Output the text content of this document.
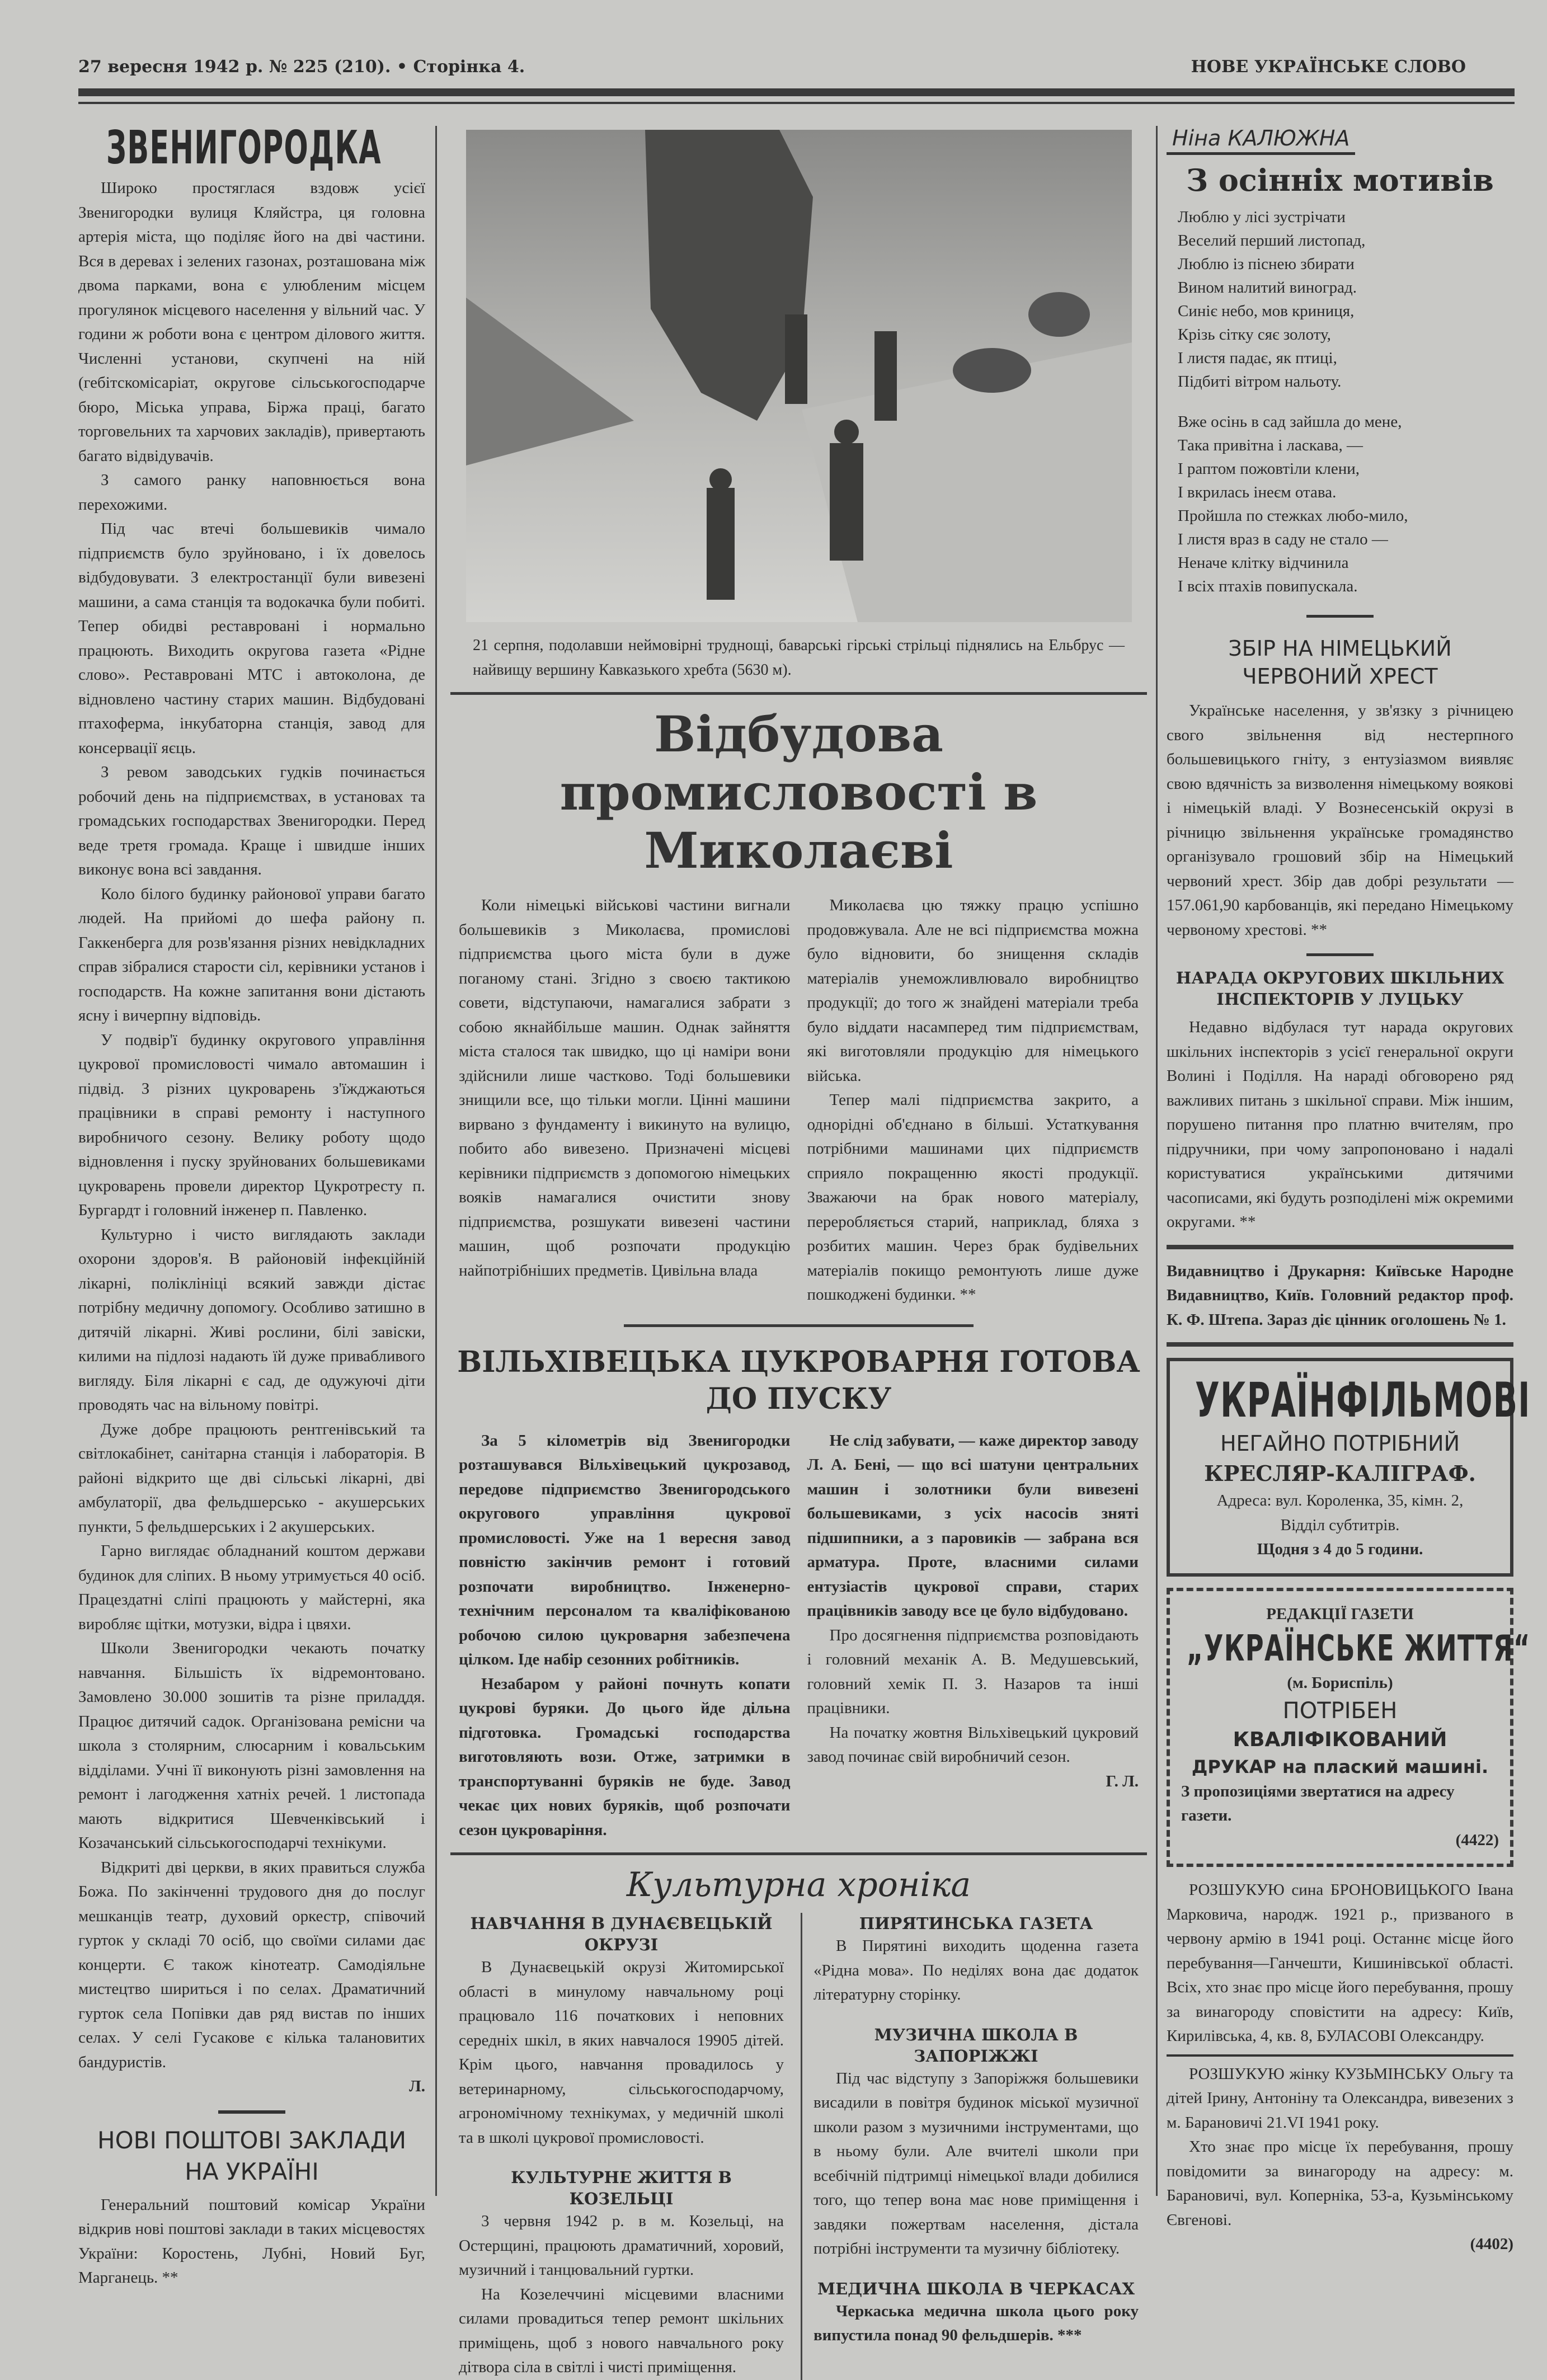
27 вересня 1942 р. № 225 (210). • Сторінка 4.	НОВЕ УКРАЇНСЬКЕ СЛОВО
ЗВЕНИГОРОДКА

Широко простяглася вздовж усієї Звенигородки вулиця Кляйстра, ця головна артерія міста, що поділяє його на дві частини. Вся в деревах і зелених газонах, розташована між двома парками, вона є улюбленим місцем прогулянок місцевого населення у вільний час. У години ж роботи вона є центром ділового життя. Численні установи, скупчені на ній (гебітскомісаріат, округове сільськогосподарче бюро, Міська управа, Біржа праці, багато торговельних та харчових закладів), привертають багато відвідувачів.

З самого ранку наповнюється вона перехожими.

Під час втечі большевиків чимало підприємств було зруйновано, і їх довелось відбудовувати. З електростанції були вивезені машини, а сама станція та водокачка були побиті. Тепер обидві реставровані і нормально працюють. Виходить округова газета «Рідне слово». Реставровані МТС і автоколона, де відновлено частину старих машин. Відбудовані птахоферма, інкубаторна станція, завод для консервації яєць.

З ревом заводських гудків починається робочий день на підприємствах, в установах та громадських господарствах Звенигородки. Перед веде третя громада. Краще і швидше інших виконує вона всі завдання.

Коло білого будинку районової управи багато людей. На прийомі до шефа району п. Гаккенберга для розв'язання різних невідкладних справ зібралися старости сіл, керівники установ і господарств. На кожне запитання вони дістають ясну і вичерпну відповідь.

У подвір'ї будинку округового управління цукрової промисловості чимало автомашин і підвід. З різних цукроварень з'їжджаються працівники в справі ремонту і наступного виробничого сезону. Велику роботу щодо відновлення і пуску зруйнованих большевиками цукроварень провели директор Цукротресту п. Бургардт і головний інженер п. Павленко.

Культурно і чисто виглядають заклади охорони здоров'я. В районовій інфекційній лікарні, поліклініці всякий завжди дістає потрібну медичну допомогу. Особливо затишно в дитячій лікарні. Живі рослини, білі завіски, килими на підлозі надають їй дуже привабливого вигляду. Біля лікарні є сад, де одужуючі діти проводять час на вільному повітрі.

Дуже добре працюють рентгенівський та світлокабінет, санітарна станція і лабораторія. В районі відкрито ще дві сільські лікарні, дві амбулаторії, два фельдшерсько - акушерських пункти, 5 фельдшерських і 2 акушерських.

Гарно виглядає обладнаний коштом держави будинок для сліпих. В ньому утримується 40 осіб. Працездатні сліпі працюють у майстерні, яка виробляє щітки, мотузки, відра і цвяхи.

Школи Звенигородки чекають початку навчання. Більшість їх відремонтовано. Замовлено 30.000 зошитів та різне приладдя. Працює дитячий садок. Організована ремісни ча школа з столярним, слюсарним і ковальським відділами. Учні її виконують різні замовлення на ремонт і лагодження хатніх речей. 1 листопада мають відкритися Шевченківський і Козачанський сільськогосподарчі технікуми.

Відкриті дві церкви, в яких правиться служба Божа. По закінченні трудового дня до послуг мешканців театр, духовий оркестр, співочий гурток у складі 70 осіб, що своїми силами дає концерти. Є також кінотеатр. Самодіяльне мистецтво шириться і по селах. Драматичний гурток села Попівки дав ряд вистав по інших селах. У селі Гусакове є кілька талановитих бандуристів.

Л.

НОВІ ПОШТОВІ ЗАКЛАДИ НА УКРАЇНІ

Генеральний поштовий комісар України відкрив нові поштові заклади в таких місцевостях України: Коростень, Лубні, Новий Буг, Марганець. **

21 серпня, подолавши неймовірні труднощі, баварські гірські стрільці піднялись на Ельбрус — найвищу вершину Кавказького хребта (5630 м).

Відбудова промисловості в Миколаєві

Коли німецькі військові частини вигнали большевиків з Миколаєва, промислові підприємства цього міста були в дуже поганому стані. Згідно з своєю тактикою совети, відступаючи, намагалися забрати з собою якнайбільше машин. Однак зайняття міста сталося так швидко, що ці наміри вони здійснили лише частково. Тоді большевики знищили все, що тільки могли. Цінні машини вирвано з фундаменту і викинуто на вулицю, побито або вивезено. Призначені місцеві керівники підприємств з допомогою німецьких вояків намагалися очистити знову підприємства, розшукати вивезені частини машин, щоб розпочати продукцію найпотрібніших предметів. Цивільна влада

Миколаєва цю тяжку працю успішно продовжувала. Але не всі підприємства можна було відновити, бо знищення складів матеріалів унеможливлювало виробництво продукції; до того ж знайдені матеріали треба було віддати насамперед тим підприємствам, які виготовляли продукцію для німецького війська.

Тепер малі підприємства закрито, а однорідні об'єднано в більші. Устаткування потрібними машинами цих підприємств сприяло покращенню якості продукції. Зважаючи на брак нового матеріалу, переробляється старий, наприклад, бляха з розбитих машин. Через брак будівельних матеріалів покищо ремонтують лише дуже пошкоджені будинки. **

ВІЛЬХІВЕЦЬКА ЦУКРОВАРНЯ ГОТОВА ДО ПУСКУ

За 5 кілометрів від Звенигородки розташувався Вільхівецький цукрозавод, передове підприємство Звенигородського округового управління цукрової промисловості. Уже на 1 вересня завод повністю закінчив ремонт і готовий розпочати виробництво. Інженерно-технічним персоналом та кваліфікованою робочою силою цукроварня забезпечена цілком. Іде набір сезонних робітників.

Незабаром у районі почнуть копати цукрові буряки. До цього йде дільна підготовка. Громадські господарства виготовляють вози. Отже, затримки в транспортуванні буряків не буде. Завод чекає цих нових буряків, щоб розпочати сезон цукроваріння.

Не слід забувати, — каже директор заводу Л. А. Бені, — що всі шатуни центральних машин і золотники були вивезені большевиками, з усіх насосів зняті підшипники, а з паровиків — забрана вся арматура. Проте, власними силами ентузіастів цукрової справи, старих працівників заводу все це було відбудовано.

Про досягнення підприємства розповідають і головний механік А. В. Медушевський, головний хемік П. З. Назаров та інші працівники.

На початку жовтня Вільхівецький цукровий завод починає свій виробничий сезон.

Г. Л.

Культурна хроніка
НАВЧАННЯ В ДУНАЄВЕЦЬКІЙ ОКРУЗІ

В Дунаєвецькій окрузі Житомирської області в минулому навчальному році працювало 116 початкових і неповних середніх шкіл, в яких навчалося 19905 дітей. Крім цього, навчання провадилось у ветеринарному, сільськогосподарчому, агрономічному технікумах, у медичній школі та в школі цукрової промисловості.

КУЛЬТУРНЕ ЖИТТЯ В КОЗЕЛЬЦІ

3 червня 1942 р. в м. Козельці, на Остерщині, працюють драматичний, хоровий, музичний і танцювальний гуртки.

На Козелеччині місцевими власними силами провадиться тепер ремонт шкільних приміщень, щоб з нового навчального року дітвора сіла в світлі і чисті приміщення.

ПИРЯТИНСЬКА ГАЗЕТА

В Пирятині виходить щоденна газета «Рідна мова». По неділях вона дає додаток літературну сторінку.

МУЗИЧНА ШКОЛА В ЗАПОРІЖЖІ

Під час відступу з Запоріжжя большевики висадили в повітря будинок міської музичної школи разом з музичними інструментами, що в ньому були. Але вчителі школи при всебічній підтримці німецької влади добилися того, що тепер вона має нове приміщення і завдяки пожертвам населення, дістала потрібні інструменти та музичну бібліотеку.

МЕДИЧНА ШКОЛА В ЧЕРКАСАХ

Черкаська медична школа цього року випустила понад 90 фельдшерів. ***

Ніна КАЛЮЖНА
З осінніх мотивів

Люблю у лісі зустрічати

Веселий перший листопад,

Люблю із піснею збирати

Вином налитий виноград.

Синіє небо, мов криниця,

Крізь сітку сяє золоту,

І листя падає, як птиці,

Підбиті вітром нальоту.

Вже осінь в сад зайшла до мене,

Така привітна і ласкава, —

І раптом пожовтіли клени,

І вкрилась інеєм отава.

Пройшла по стежках любо-мило,

І листя враз в саду не стало —

Неначе клітку відчинила

І всіх птахів повипускала.

ЗБІР НА НІМЕЦЬКИЙ ЧЕРВОНИЙ ХРЕСТ

Українське населення, у зв'язку з річницею свого звільнення від нестерпного большевицького гніту, з ентузіазмом виявляє свою вдячність за визволення німецькому воякові і німецькій владі. У Вознесенській окрузі в річницю звільнення українське громадянство організувало грошовий збір на Німецький червоний хрест. Збір дав добрі результати — 157.061,90 карбованців, які передано Німецькому червоному хрестові. **

НАРАДА ОКРУГОВИХ ШКІЛЬНИХ ІНСПЕКТОРІВ У ЛУЦЬКУ

Недавно відбулася тут нарада округових шкільних інспекторів з усієї генеральної округи Волині і Поділля. На нараді обговорено ряд важливих питань з шкільної справи. Між іншим, порушено питання про платню вчителям, про підручники, при чому запропоновано і надалі користуватися українськими дитячими часописами, які будуть розподілені між окремими округами. **

Видавництво і Друкарня: Київське Народне Видавництво, Київ. Головний редактор проф. К. Ф. Штепа. Зараз діє цінник оголошень № 1.

УКРАЇНФІЛЬМОВІ
НЕГАЙНО ПОТРІБНИЙ
КРЕСЛЯР-КАЛІГРАФ.

Адреса: вул. Короленка, 35, кімн. 2,

Відділ субтитрів.

Щодня з 4 до 5 години.

РЕДАКЦІЇ ГАЗЕТИ

„УКРАЇНСЬКЕ ЖИТТЯ“

(м. Бориспіль)

ПОТРІБЕН
КВАЛІФІКОВАНИЙ
ДРУКАР на плаский машині.

З пропозиціями звертатися на адресу газети.

(4422)

РОЗШУКУЮ сина БРОНОВИЦЬКОГО Івана Марковича, народж. 1921 р., призваного в червону армію в 1941 році. Останнє місце його перебування—Ганчешти, Кишинівської області. Всіх, хто знає про місце його перебування, прошу за винагороду сповістити на адресу: Київ, Кирилівська, 4, кв. 8, БУЛАСОВІ Олександру.

РОЗШУКУЮ жінку КУЗЬМІНСЬКУ Ольгу та дітей Ірину, Антоніну та Олександра, вивезених з м. Барановичі 21.VI 1941 року.

Хто знає про місце їх перебування, прошу повідомити за винагороду на адресу: м. Барановичі, вул. Коперніка, 53-а, Кузьмінському Євгенові.

(4402)
